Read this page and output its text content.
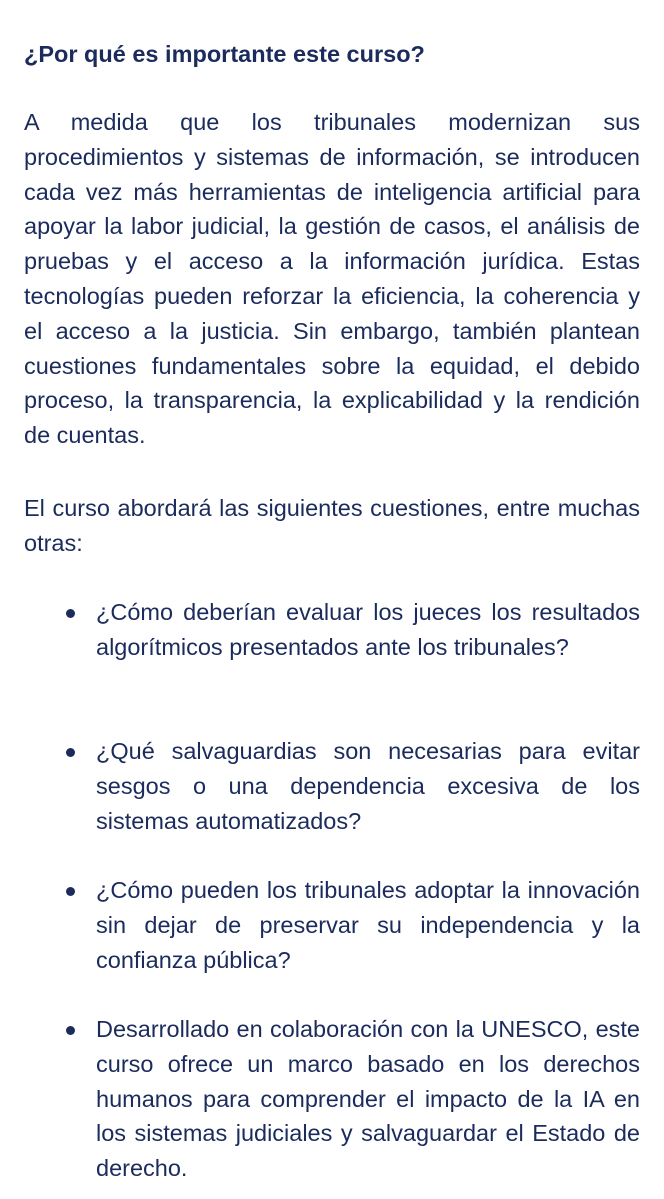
¿Por qué es importante este curso?

A medida que los tribunales modernizan sus procedimientos y sistemas de información, se introducen cada vez más herramientas de inteligencia artificial para apoyar la labor judicial, la gestión de casos, el análisis de pruebas y el acceso a la información jurídica. Estas tecnologías pueden reforzar la eficiencia, la coherencia y el acceso a la justicia. Sin embargo, también plantean cuestiones fundamentales sobre la equidad, el debido proceso, la transparencia, la explicabilidad y la rendición de cuentas.

El curso abordará las siguientes cuestiones, entre muchas otras:

¿Cómo deberían evaluar los jueces los resultados algorítmicos presentados ante los tribunales?

¿Qué salvaguardias son necesarias para evitar sesgos o una dependencia excesiva de los sistemas automatizados?

¿Cómo pueden los tribunales adoptar la innovación sin dejar de preservar su independencia y la confianza pública?

Desarrollado en colaboración con la UNESCO, este curso ofrece un marco basado en los derechos humanos para comprender el impacto de la IA en los sistemas judiciales y salvaguardar el Estado de derecho.
